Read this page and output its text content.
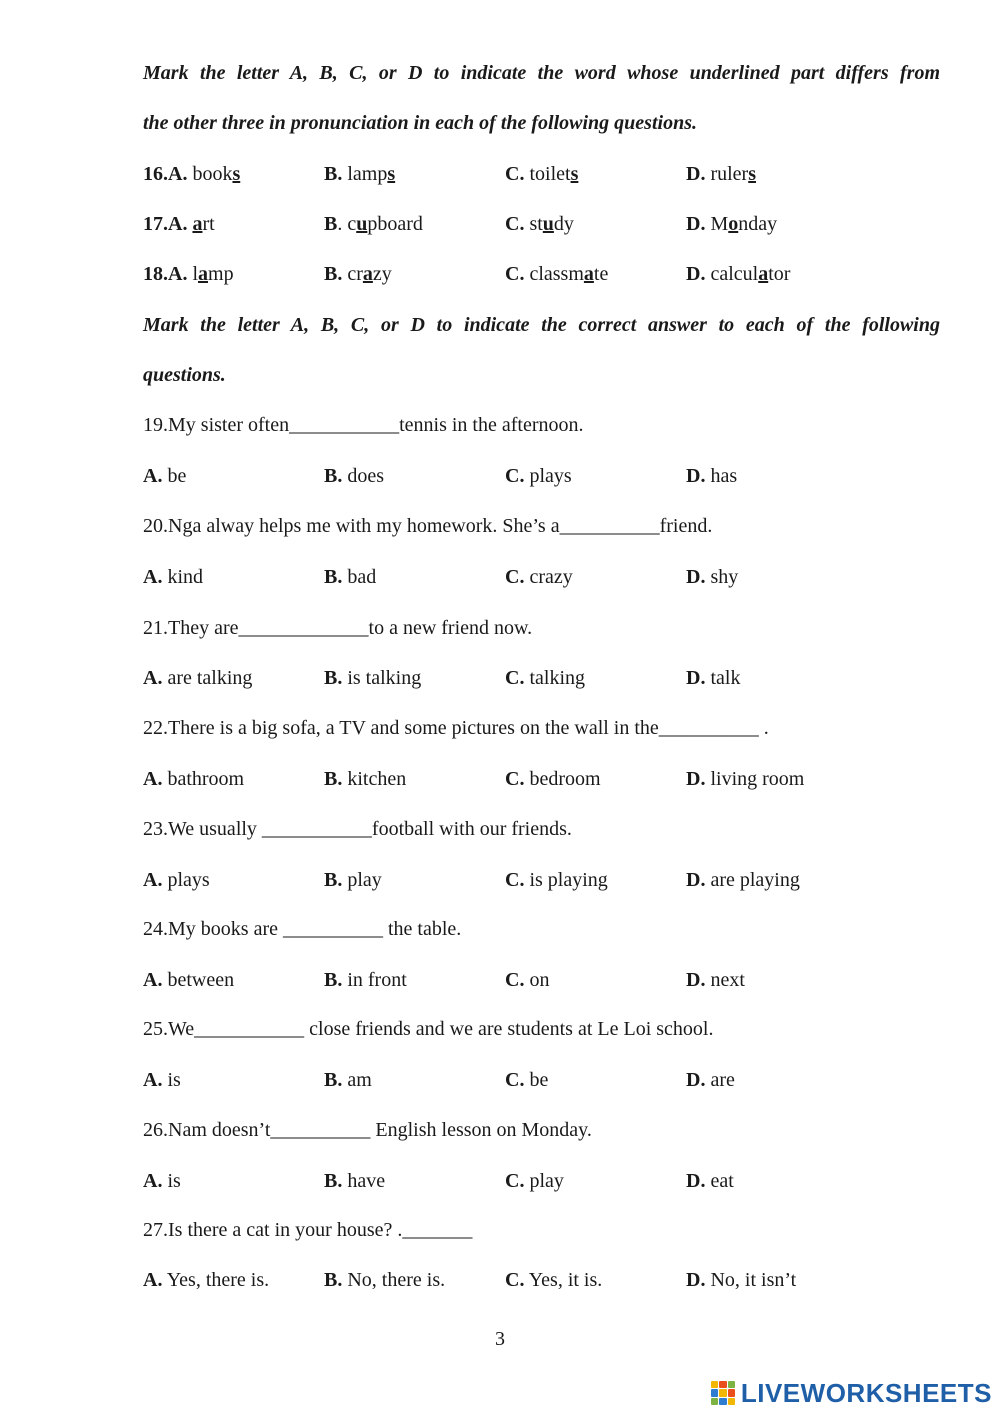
Mark the letter A, B, C, or D to indicate the word whose underlined part differs from
the other three in pronunciation in each of the following questions.
16.A. books	B. lamps	C. toilets	D. rulers
17.A. art	B. cupboard	C. study	D. Monday
18.A. lamp	B. crazy	C. classmate	D. calculator
Mark the letter A, B, C, or D to indicate the correct answer to each of the following
questions.
19.My sister often___________tennis in the afternoon.
A. be	B. does	C. plays	D. has
20.Nga alway helps me with my homework. She’s a__________friend.
A. kind	B. bad	C. crazy	D. shy
21.They are_____________to a new friend now.
A. are talking	B. is talking	C. talking	D. talk
22.There is a big sofa, a TV and some pictures on the wall in the__________ .
A. bathroom	B. kitchen	C. bedroom	D. living room
23.We usually ___________football with our friends.
A. plays	B. play	C. is playing	D. are playing
24.My books are __________ the table.
A. between	B. in front	C. on	D. next
25.We___________ close friends and we are students at Le Loi school.
A. is	B. am	C. be	D. are
26.Nam doesn’t__________ English lesson on Monday.
A. is	B. have	C. play	D. eat
27.Is there a cat in your house? ._______
A. Yes, there is.	B. No, there is.	C. Yes, it is.	D. No, it isn’t
3
LIVEWORKSHEETS
